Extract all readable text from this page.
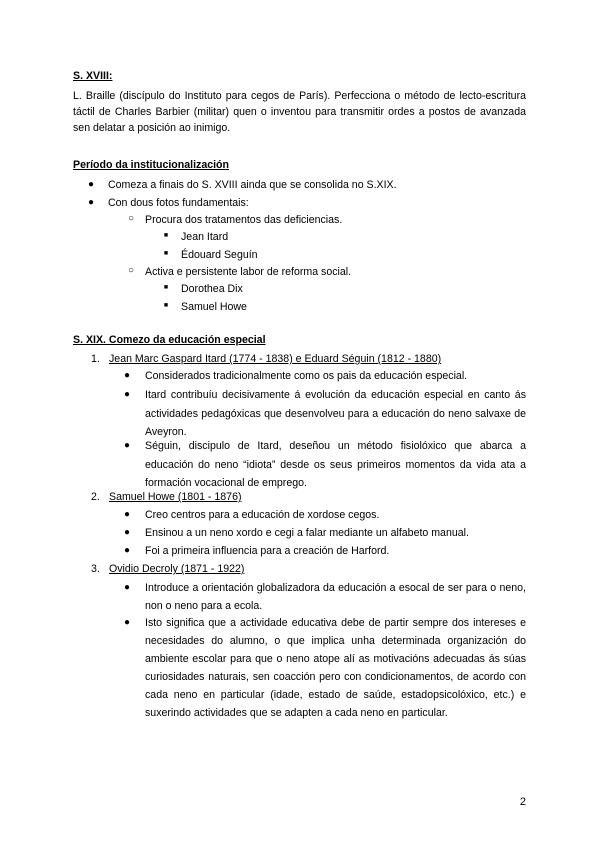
S. XVIII:
L. Braille (discípulo do Instituto para cegos de París). Perfecciona o método de lecto-escritura táctil de Charles Barbier (militar) quen o inventou para transmitir ordes a postos de avanzada sen delatar a posición ao inimigo.
Período da institucionalización
●	Comeza a finais do S. XVIII ainda que se consolida no S.XIX.
●	Con dous fotos fundamentais:
○	Procura dos tratamentos das deficiencias.
■	Jean Itard
■	Édouard Seguín
○	Activa e persistente labor de reforma social.
■	Dorothea Dix
■	Samuel Howe
S. XIX. Comezo da educación especial
1. Jean Marc Gaspard Itard (1774 - 1838) e Eduard Séguin (1812 - 1880)
●	Considerados tradicionalmente como os pais da educación especial.
●	Itard contribuíu decisivamente á evolución da educación especial en canto ás actividades pedagóxicas que desenvolveu para a educación do neno salvaxe de Aveyron.
●	Séguin, discipulo de Itard, deseñou un método fisiolóxico que abarca a educación do neno “idiota” desde os seus primeiros momentos da vida ata a formación vocacional de emprego.
2. Samuel Howe (1801 - 1876)
●	Creo centros para a educación de xordose cegos.
●	Ensinou a un neno xordo e cegi a falar mediante un alfabeto manual.
●	Foi a primeira influencia para a creación de Harford.
3. Ovidio Decroly (1871 - 1922)
●	Introduce a orientación globalizadora da educación a esocal de ser para o neno, non o neno para a ecola.
●	Isto significa que a actividade educativa debe de partir sempre dos intereses e necesidades do alumno, o que implica unha determinada organización do ambiente escolar para que o neno atope alí as motivacións adecuadas ás súas curiosidades naturais, sen coacción pero con condicionamentos, de acordo con cada neno en particular (idade, estado de saúde, estadopsicolóxico, etc.) e suxerindo actividades que se adapten a cada neno en particular.
2
